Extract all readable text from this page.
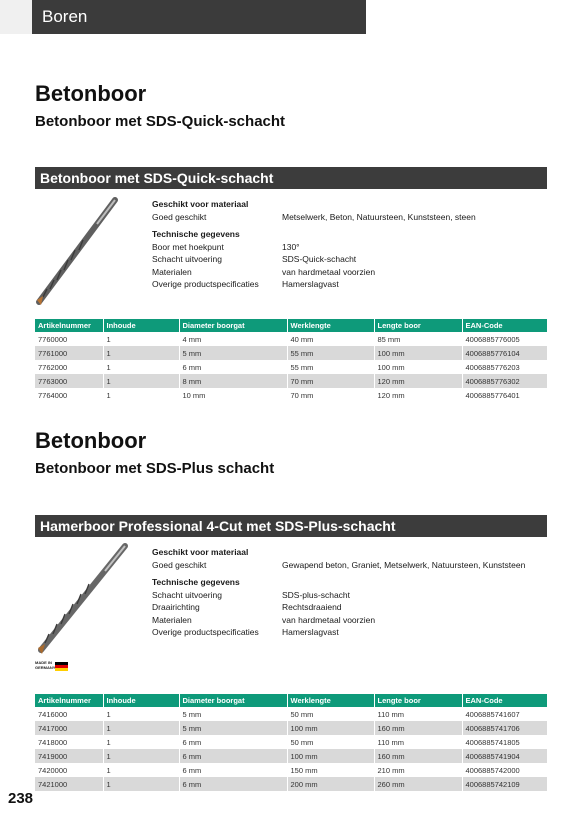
Boren
Betonboor
Betonboor met SDS-Quick-schacht
Betonboor met SDS-Quick-schacht
Geschikt voor materiaal
Goed geschikt	Metselwerk, Beton, Natuursteen, Kunststeen, steen
Technische gegevens
Boor met hoekpunt	130°
Schacht uitvoering	SDS-Quick-schacht
Materialen	van hardmetaal voorzien
Overige productspecificaties	Hamerslagvast
Artikelnummer	Inhoude	Diameter boorgat	Werklengte	Lengte boor	EAN-Code
7760000	1	4 mm	40 mm	85 mm	4006885776005
7761000	1	5 mm	55 mm	100 mm	4006885776104
7762000	1	6 mm	55 mm	100 mm	4006885776203
7763000	1	8 mm	70 mm	120 mm	4006885776302
7764000	1	10 mm	70 mm	120 mm	4006885776401
Betonboor
Betonboor met SDS-Plus schacht
Hamerboor Professional 4-Cut met SDS-Plus-schacht
Geschikt voor materiaal
Goed geschikt	Gewapend beton, Graniet, Metselwerk, Natuursteen, Kunststeen
Technische gegevens
Schacht uitvoering	SDS-plus-schacht
Draairichting	Rechtsdraaiend
Materialen	van hardmetaal voorzien
Overige productspecificaties	Hamerslagvast
MADE IN
GERMANY
Artikelnummer	Inhoude	Diameter boorgat	Werklengte	Lengte boor	EAN-Code
7416000	1	5 mm	50 mm	110 mm	4006885741607
7417000	1	5 mm	100 mm	160 mm	4006885741706
7418000	1	6 mm	50 mm	110 mm	4006885741805
7419000	1	6 mm	100 mm	160 mm	4006885741904
7420000	1	6 mm	150 mm	210 mm	4006885742000
7421000	1	6 mm	200 mm	260 mm	4006885742109
238
